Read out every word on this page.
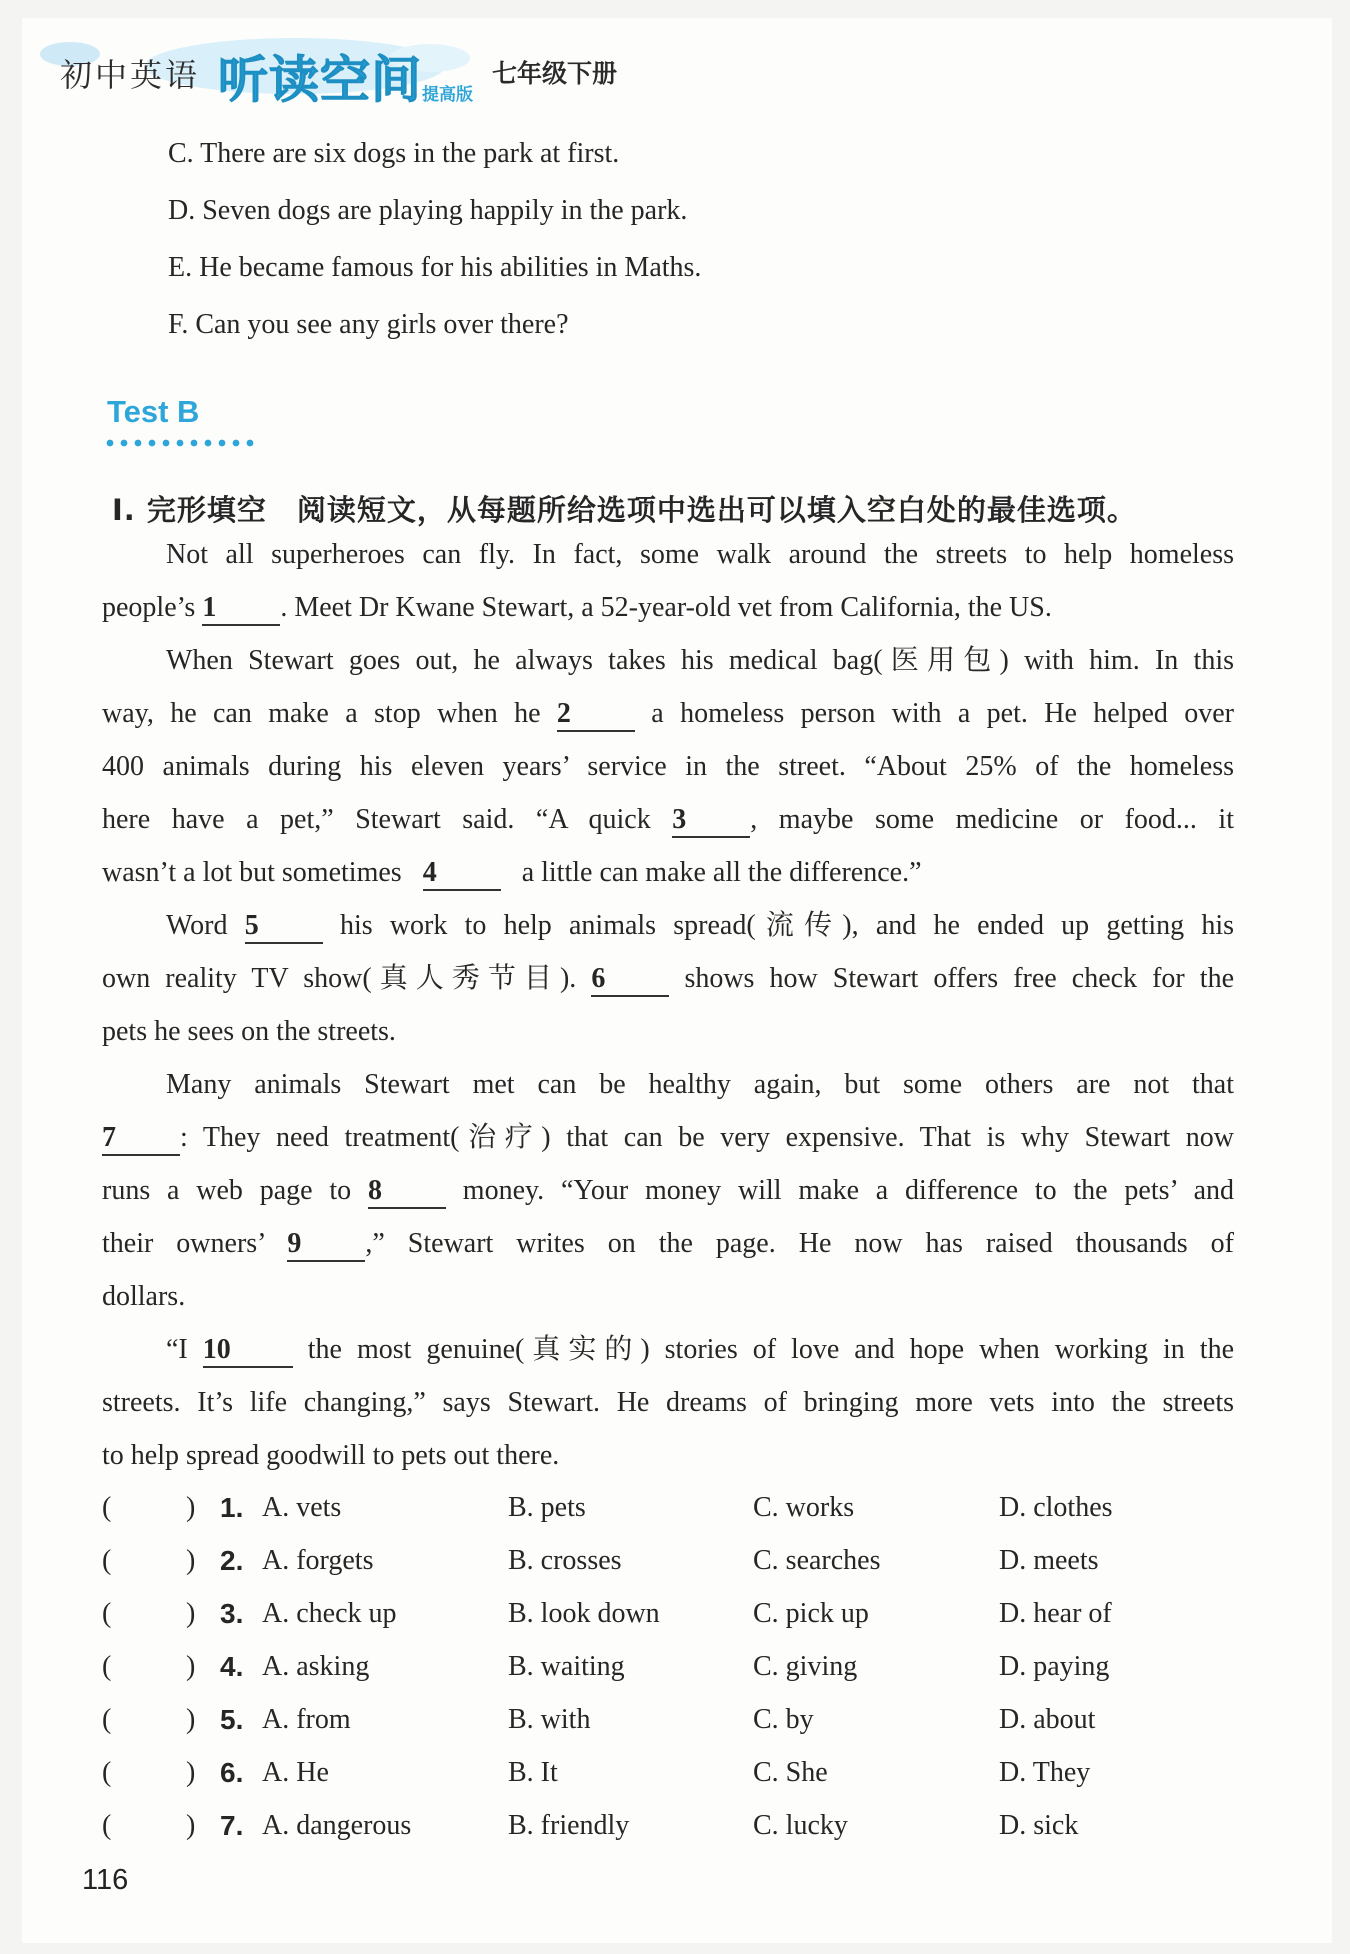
初中英语 听读空间 提高版
七年级下册
C. There are six dogs in the park at first.
D. Seven dogs are playing happily in the park.
E. He became famous for his abilities in Maths.
F. Can you see any girls over there?
Test B
Ⅰ. 完形填空　阅读短文，从每题所给选项中选出可以填入空白处的最佳选项。
Not all superheroes can fly. In fact, some walk around the streets to help homeless
people’s 1 . Meet Dr Kwane Stewart, a 52-year-old vet from California, the US.
When Stewart goes out, he always takes his medical bag(医用包) with him. In this
way, he can make a stop when he 2	a homeless person with a pet. He helped over
400 animals during his eleven years’ service in the street. “About 25% of the homeless
here have a pet,” Stewart said. “A quick 3 , maybe some medicine or food... it
wasn’t a lot but sometimes 4	a little can make all the difference.”
Word 5	his work to help animals spread(流传), and he ended up getting his
own reality TV show(真人秀节目). 6	shows how Stewart offers free check for the
pets he sees on the streets.
Many animals Stewart met can be healthy again, but some others are not that
7 : They need treatment(治疗) that can be very expensive. That is why Stewart now
runs a web page to 8	money. “Your money will make a difference to the pets’ and
their owners’ 9 ,” Stewart writes on the page. He now has raised thousands of
dollars.
“I 10	the most genuine(真实的) stories of love and hope when working in the
streets. It’s life changing,” says Stewart. He dreams of bringing more vets into the streets
to help spread goodwill to pets out there.
(	) 1. A. vets	B. pets	C. works	D. clothes
(	) 2. A. forgets	B. crosses	C. searches	D. meets
(	) 3. A. check up	B. look down	C. pick up	D. hear of
(	) 4. A. asking	B. waiting	C. giving	D. paying
(	) 5. A. from	B. with	C. by	D. about
(	) 6. A. He	B. It	C. She	D. They
(	) 7. A. dangerous	B. friendly	C. lucky	D. sick
116
